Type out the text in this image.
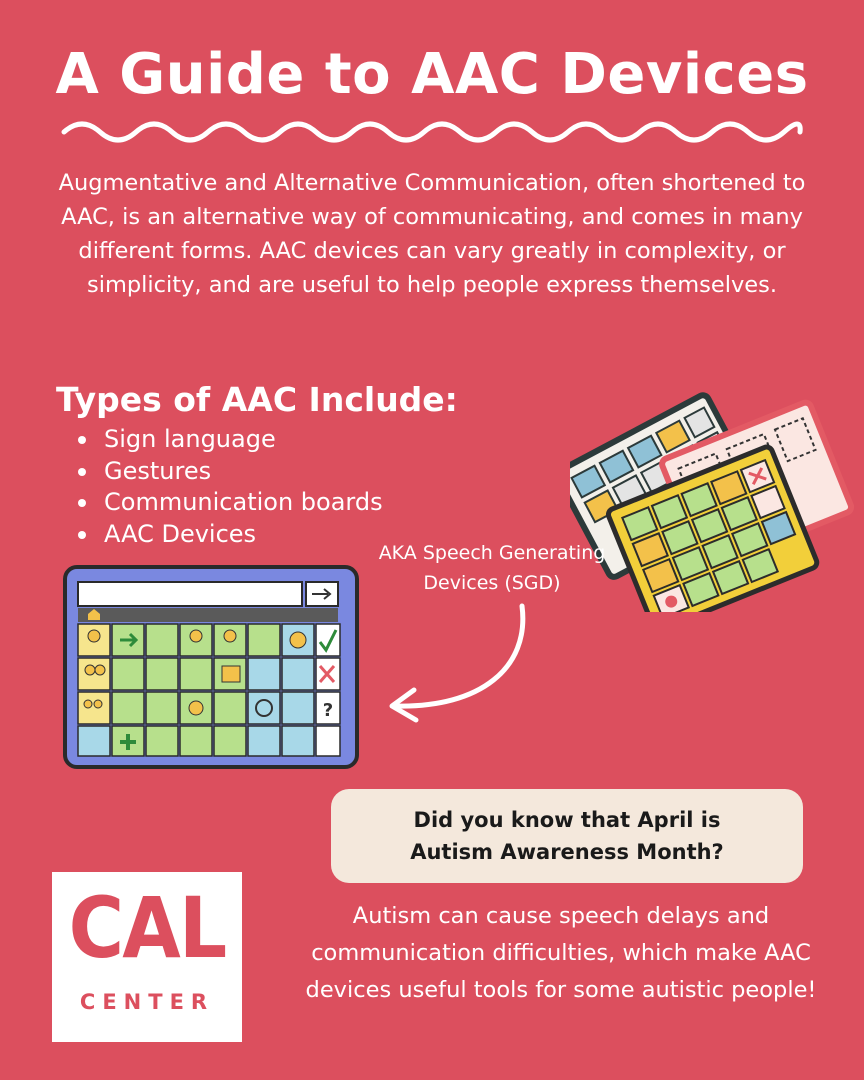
A Guide to AAC Devices

Augmentative and Alternative Communication, often shortened to AAC, is an alternative way of communicating, and comes in many different forms. AAC devices can vary greatly in complexity, or simplicity, and are useful to help people express themselves.

Types of AAC Include:
Sign language
Gestures
Communication boards
AAC Devices

AKA Speech Generating
Devices (SGD)

?
Did you know that April is
Autism Awareness Month?

Autism can cause speech delays and communication difficulties, which make AAC devices useful tools for some autistic people!

CAL
CENTER
THE CALIFORNIA CENTER FOR CIVIC PARTICIPATION
